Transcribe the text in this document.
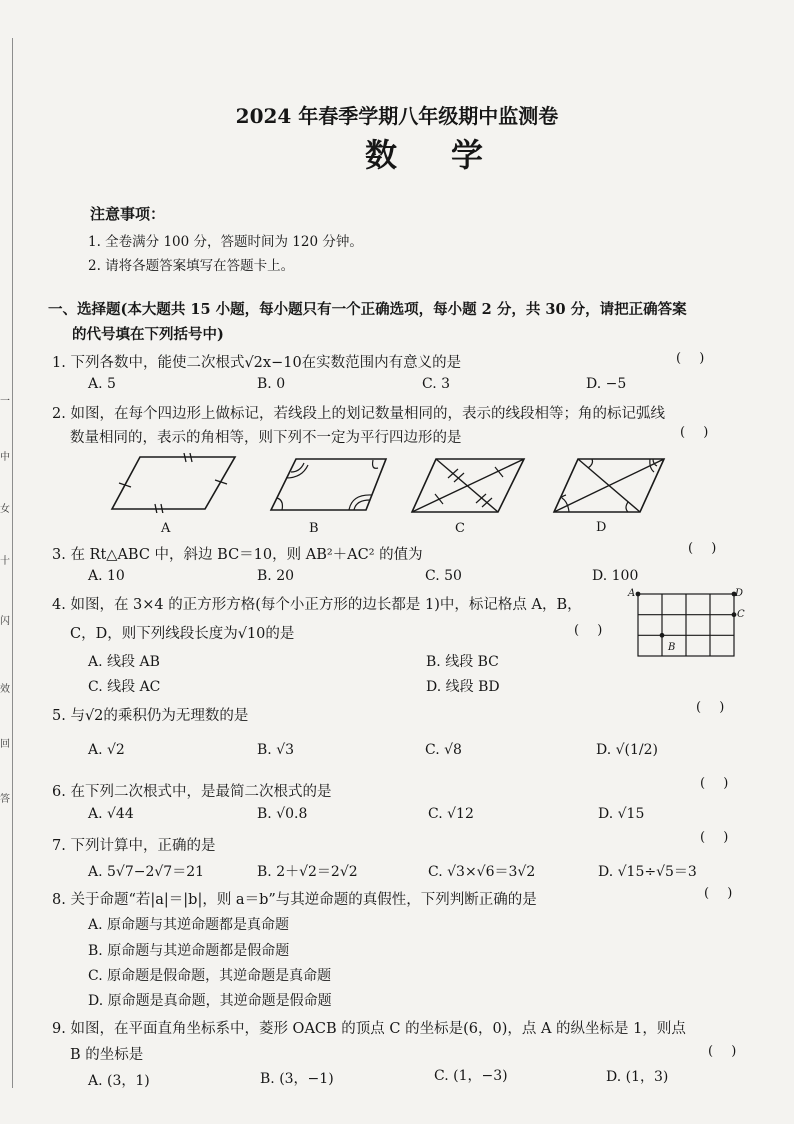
一
中
女
十
闪
效
回
答
2024 年春季学期八年级期中监测卷
数学
注意事项：
1. 全卷满分 100 分，答题时间为 120 分钟。
2. 请将各题答案填写在答题卡上。
一、选择题(本大题共 15 小题，每小题只有一个正确选项，每小题 2 分，共 30 分，请把正确答案
的代号填在下列括号中)
1. 下列各数中，能使二次根式√2x−10在实数范围内有意义的是	( )
A. 5	B. 0	C. 3	D. −5
2. 如图，在每个四边形上做标记，若线段上的划记数量相同的，表示的线段相等；角的标记弧线
数量相同的，表示的角相等，则下列不一定为平行四边形的是	( )
A	B	C	D
3. 在 Rt△ABC 中，斜边 BC＝10，则 AB²＋AC² 的值为	( )
A. 10	B. 20	C. 50	D. 100
4. 如图，在 3×4 的正方形方格(每个小正方形的边长都是 1)中，标记格点 A，B，
C，D，则下列线段长度为√10的是	( )
A. 线段 AB	B. 线段 BC
C. 线段 AC	D. 线段 BD
A
B
C
D
5. 与√2的乘积仍为无理数的是
( )
A. √2	B. √3	C. √8	D. √(1/2)
6. 在下列二次根式中，是最简二次根式的是
( )
A. √44	B. √0.8	C. √12	D. √15
7. 下列计算中，正确的是
( )
A. 5√7−2√7＝21	B. 2＋√2＝2√2	C. √3×√6＝3√2	D. √15÷√5＝3
8. 关于命题“若|a|＝|b|，则 a＝b”与其逆命题的真假性，下列判断正确的是	( )
A. 原命题与其逆命题都是真命题
B. 原命题与其逆命题都是假命题
C. 原命题是假命题，其逆命题是真命题
D. 原命题是真命题，其逆命题是假命题
9. 如图，在平面直角坐标系中，菱形 OACB 的顶点 C 的坐标是(6，0)，点 A 的纵坐标是 1，则点
B 的坐标是	( )
A. (3，1)	B. (3，−1)	C. (1，−3)	D. (1，3)
